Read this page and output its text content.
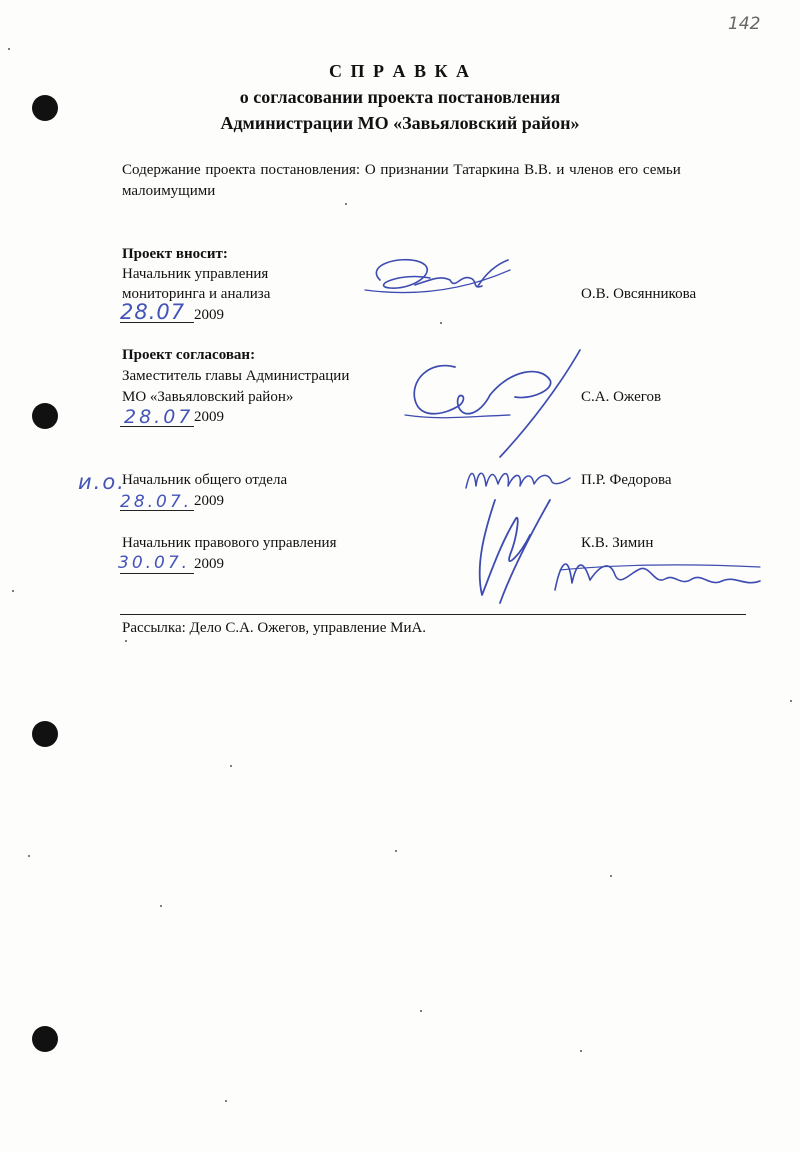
142
С П Р А В К А
о согласовании проекта постановления
Администрации МО «Завьяловский район»
Содержание проекта постановления: О признании Татаркина В.В. и членов его семьи
малоимущими
Проект вносит:
Начальник управления
мониторинга и анализа
28.07 2009
О.В. Овсянникова
Проект согласован:
Заместитель главы Администрации
МО «Завьяловский район»
28.07 2009
С.А. Ожегов
и.о.
Начальник общего отдела
28.07. 2009
П.Р. Федорова
Начальник правового управления
30.07. 2009
К.В. Зимин
Рассылка: Дело С.А. Ожегов, управление МиА.
